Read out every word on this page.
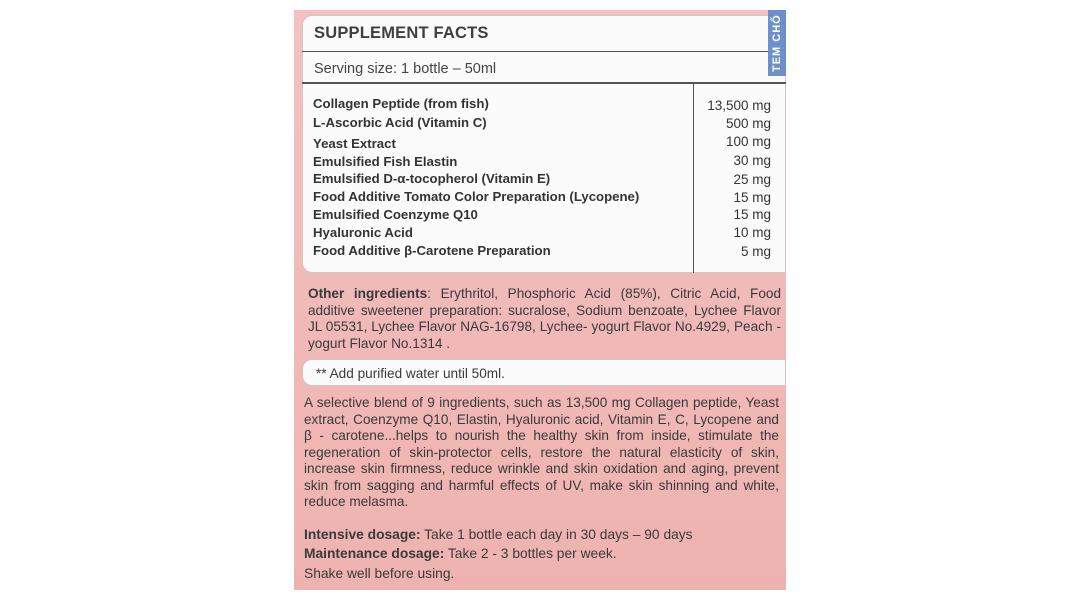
TEM CHỐ
SUPPLEMENT FACTS
Serving size: 1 bottle – 50ml
Collagen Peptide (from fish)
L-Ascorbic Acid (Vitamin C)
Yeast Extract
Emulsified Fish Elastin
Emulsified D-α-tocopherol (Vitamin E)
Food Additive Tomato Color Preparation (Lycopene)
Emulsified Coenzyme Q10
Hyaluronic Acid
Food Additive β-Carotene Preparation
13,500 mg
500 mg
100 mg
30 mg
25 mg
15 mg
15 mg
10 mg
5 mg
Other ingredients: Erythritol, Phosphoric Acid (85%), Citric Acid, Food additive sweetener preparation: sucralose, Sodium benzoate, Lychee Flavor JL 05531, Lychee Flavor NAG-16798, Lychee- yogurt Flavor No.4929, Peach - yogurt Flavor No.1314 .
** Add purified water until 50ml.
A selective blend of 9 ingredients, such as 13,500 mg Collagen peptide, Yeast extract, Coenzyme Q10, Elastin, Hyaluronic acid, Vitamin E, C, Lycopene and β - carotene...helps to nourish the healthy skin from inside, stimulate the regeneration of skin-protector cells, restore the natural elasticity of skin, increase skin firmness, reduce wrinkle and skin oxidation and aging, prevent skin from sagging and harmful effects of UV, make skin shinning and white, reduce melasma.
Intensive dosage: Take 1 bottle each day in 30 days – 90 days
Maintenance dosage: Take 2 - 3 bottles per week.
Shake well before using.
